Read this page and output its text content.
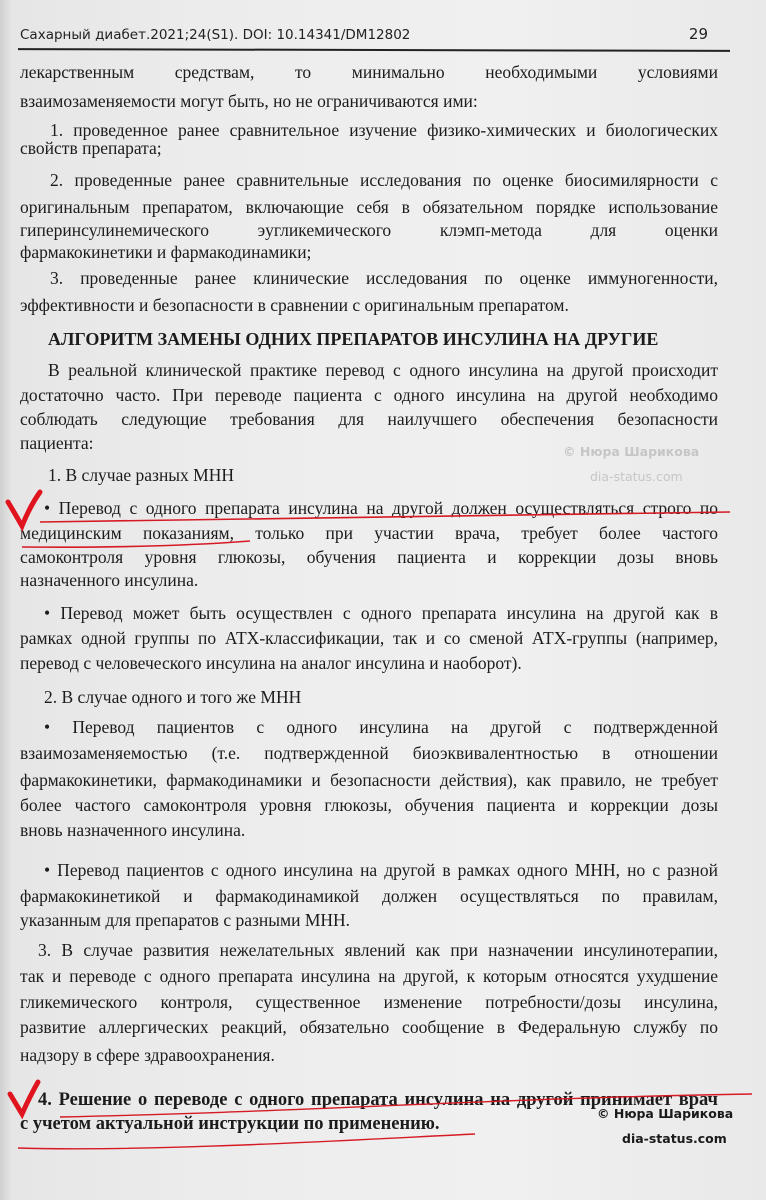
Сахарный диабет.2021;24(S1). DOI: 10.14341/DM12802	29
лекарственным средствам, то минимально необходимыми условиями
взаимозаменяемости могут быть, но не ограничиваются ими:
1. проведенное ранее сравнительное изучение физико-химических и биологических
свойств препарата;
2. проведенные ранее сравнительные исследования по оценке биосимилярности с
оригинальным препаратом, включающие себя в обязательном порядке использование
гиперинсулинемического эугликемического клэмп-метода для оценки
фармакокинетики и фармакодинамики;
3. проведенные ранее клинические исследования по оценке иммуногенности,
эффективности и безопасности в сравнении с оригинальным препаратом.
АЛГОРИТМ ЗАМЕНЫ ОДНИХ ПРЕПАРАТОВ ИНСУЛИНА НА ДРУГИЕ
В реальной клинической практике перевод с одного инсулина на другой происходит
достаточно часто. При переводе пациента с одного инсулина на другой необходимо
соблюдать следующие требования для наилучшего обеспечения безопасности
пациента:
1. В случае разных МНН
• Перевод с одного препарата инсулина на другой должен осуществляться строго по
медицинским показаниям, только при участии врача, требует более частого
самоконтроля уровня глюкозы, обучения пациента и коррекции дозы вновь
назначенного инсулина.
• Перевод может быть осуществлен с одного препарата инсулина на другой как в
рамках одной группы по АТХ-классификации, так и со сменой АТХ-группы (например,
перевод с человеческого инсулина на аналог инсулина и наоборот).
2. В случае одного и того же МНН
• Перевод пациентов с одного инсулина на другой с подтвержденной
взаимозаменяемостью (т.е. подтвержденной биоэквивалентностью в отношении
фармакокинетики, фармакодинамики и безопасности действия), как правило, не требует
более частого самоконтроля уровня глюкозы, обучения пациента и коррекции дозы
вновь назначенного инсулина.
• Перевод пациентов с одного инсулина на другой в рамках одного МНН, но с разной
фармакокинетикой и фармакодинамикой должен осуществляться по правилам,
указанным для препаратов с разными МНН.
3. В случае развития нежелательных явлений как при назначении инсулинотерапии,
так и переводе с одного препарата инсулина на другой, к которым относятся ухудшение
гликемического контроля, существенное изменение потребности/дозы инсулина,
развитие аллергических реакций, обязательно сообщение в Федеральную службу по
надзору в сфере здравоохранения.
4. Решение о переводе с одного препарата инсулина на другой принимает врач
с учетом актуальной инструкции по применению.
© Нюра Шарикова
dia-status.com
© Нюра Шарикова
dia-status.com
